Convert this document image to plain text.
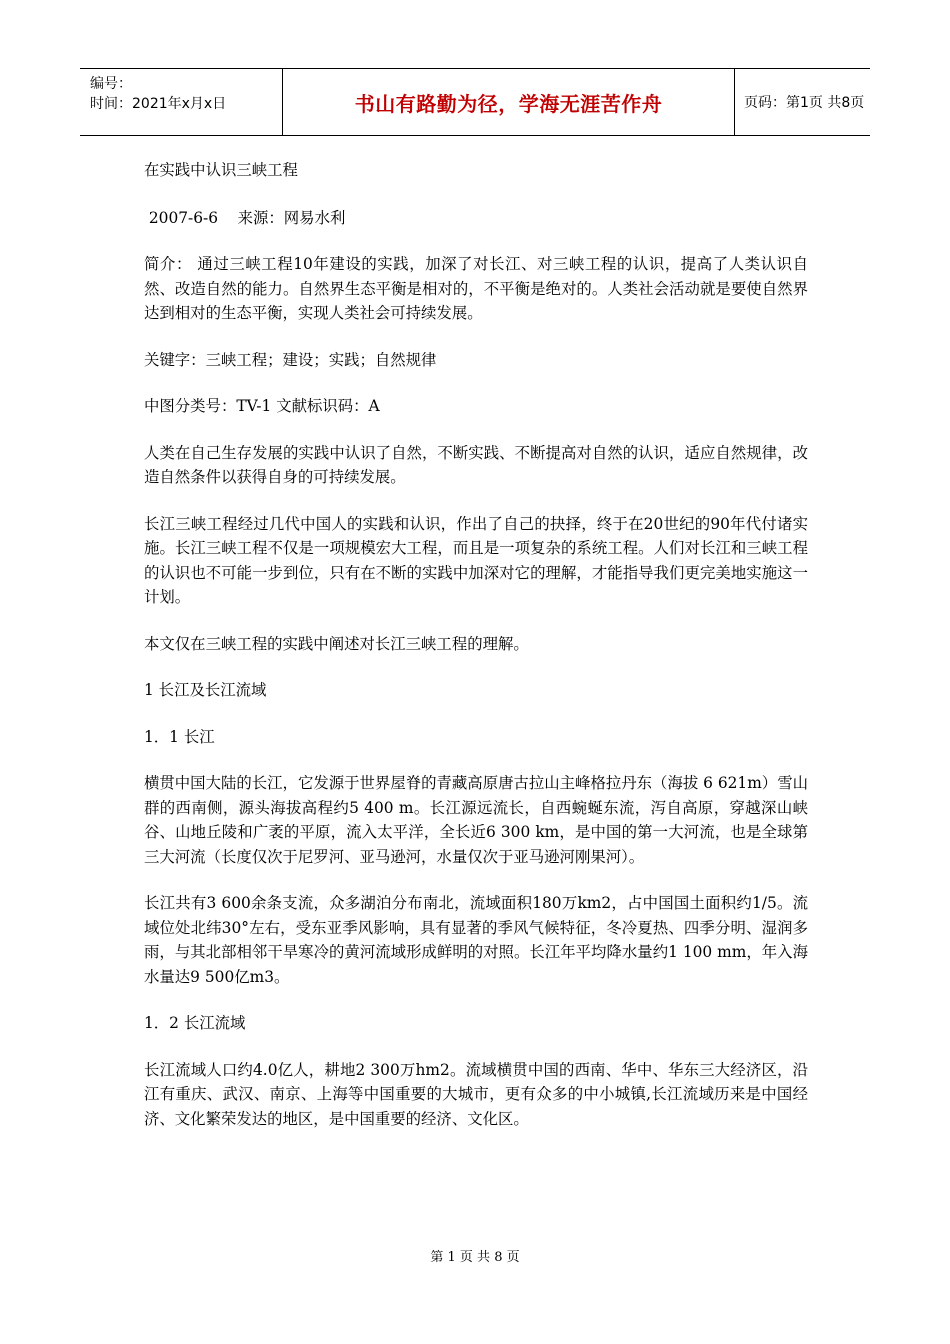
编号：
时间：2021年x月x日	书山有路勤为径，学海无涯苦作舟	页码：第1页 共8页

在实践中认识三峡工程

2007-6-6    来源：网易水利

简介： 通过三峡工程10年建设的实践，加深了对长江、对三峡工程的认识，提高了人类认识自然、改造自然的能力。自然界生态平衡是相对的，不平衡是绝对的。人类社会活动就是要使自然界达到相对的生态平衡，实现人类社会可持续发展。

关键字：三峡工程；建设；实践；自然规律

中图分类号：TV-1 文献标识码：A

人类在自己生存发展的实践中认识了自然，不断实践、不断提高对自然的认识，适应自然规律，改造自然条件以获得自身的可持续发展。

长江三峡工程经过几代中国人的实践和认识，作出了自己的抉择，终于在20世纪的90年代付诸实施。长江三峡工程不仅是一项规模宏大工程，而且是一项复杂的系统工程。人们对长江和三峡工程的认识也不可能一步到位，只有在不断的实践中加深对它的理解，才能指导我们更完美地实施这一计划。

本文仅在三峡工程的实践中阐述对长江三峡工程的理解。

1 长江及长江流域

1．1 长江

横贯中国大陆的长江，它发源于世界屋脊的青藏高原唐古拉山主峰格拉丹东（海拔 6 621m）雪山群的西南侧，源头海拔高程约5 400 m。长江源远流长，自西蜿蜒东流，泻自高原，穿越深山峡谷、山地丘陵和广袤的平原，流入太平洋，全长近6 300 km，是中国的第一大河流，也是全球第三大河流（长度仅次于尼罗河、亚马逊河，水量仅次于亚马逊河刚果河）。

长江共有3 600余条支流，众多湖泊分布南北，流域面积180万km2，占中国国土面积约1/5。流域位处北纬30°左右，受东亚季风影响，具有显著的季风气候特征，冬冷夏热、四季分明、湿润多雨，与其北部相邻干旱寒冷的黄河流域形成鲜明的对照。长江年平均降水量约1 100 mm，年入海水量达9 500亿m3。

1．2 长江流域

长江流域人口约4.0亿人，耕地2 300万hm2。流域横贯中国的西南、华中、华东三大经济区，沿江有重庆、武汉、南京、上海等中国重要的大城市，更有众多的中小城镇,长江流域历来是中国经济、文化繁荣发达的地区，是中国重要的经济、文化区。

第 1 页 共 8 页
